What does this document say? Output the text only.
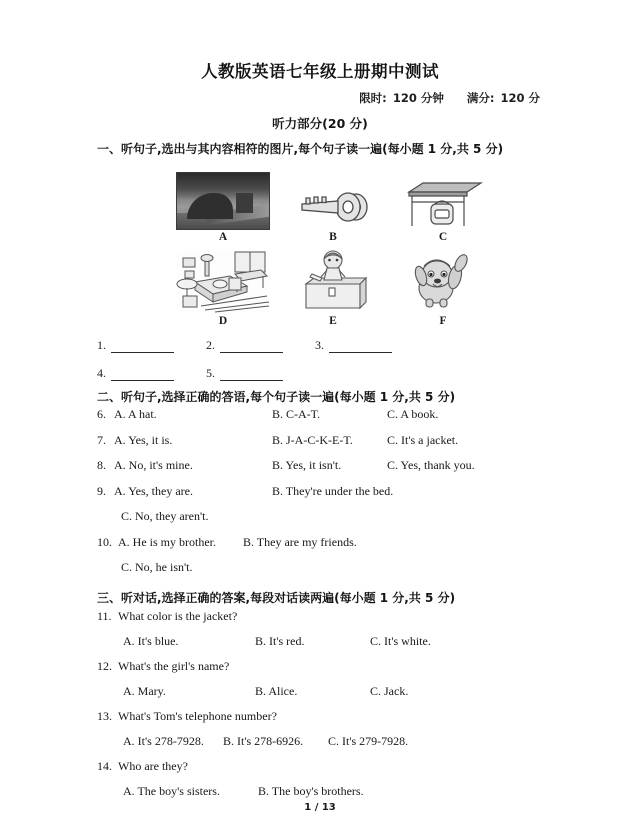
人教版英语七年级上册期中测试
限时: 120 分钟 满分: 120 分
听力部分(20 分)
一、听句子,选出与其内容相符的图片,每个句子读一遍(每小题 1 分,共 5 分)
A	B	C
D	E	F
1.	2.	3.
4.	5.
二、听句子,选择正确的答语,每个句子读一遍(每小题 1 分,共 5 分)
6. A. A hat.	B. C-A-T.	C. A book.
7. A. Yes, it is.	B. J-A-C-K-E-T.	C. It's a jacket.
8. A. No, it's mine.	B. Yes, it isn't.	C. Yes, thank you.
9. A. Yes, they are.	B. They're under the bed.
C. No, they aren't.
10. A. He is my brother.	B. They are my friends.
C. No, he isn't.
三、听对话,选择正确的答案,每段对话读两遍(每小题 1 分,共 5 分)
11. What color is the jacket?
A. It's blue.	B. It's red.	C. It's white.
12. What's the girl's name?
A. Mary.	B. Alice.	C. Jack.
13. What's Tom's telephone number?
A. It's 278-7928.	B. It's 278-6926.	C. It's 279-7928.
14. Who are they?
A. The boy's sisters.	B. The boy's brothers.
1 / 13
